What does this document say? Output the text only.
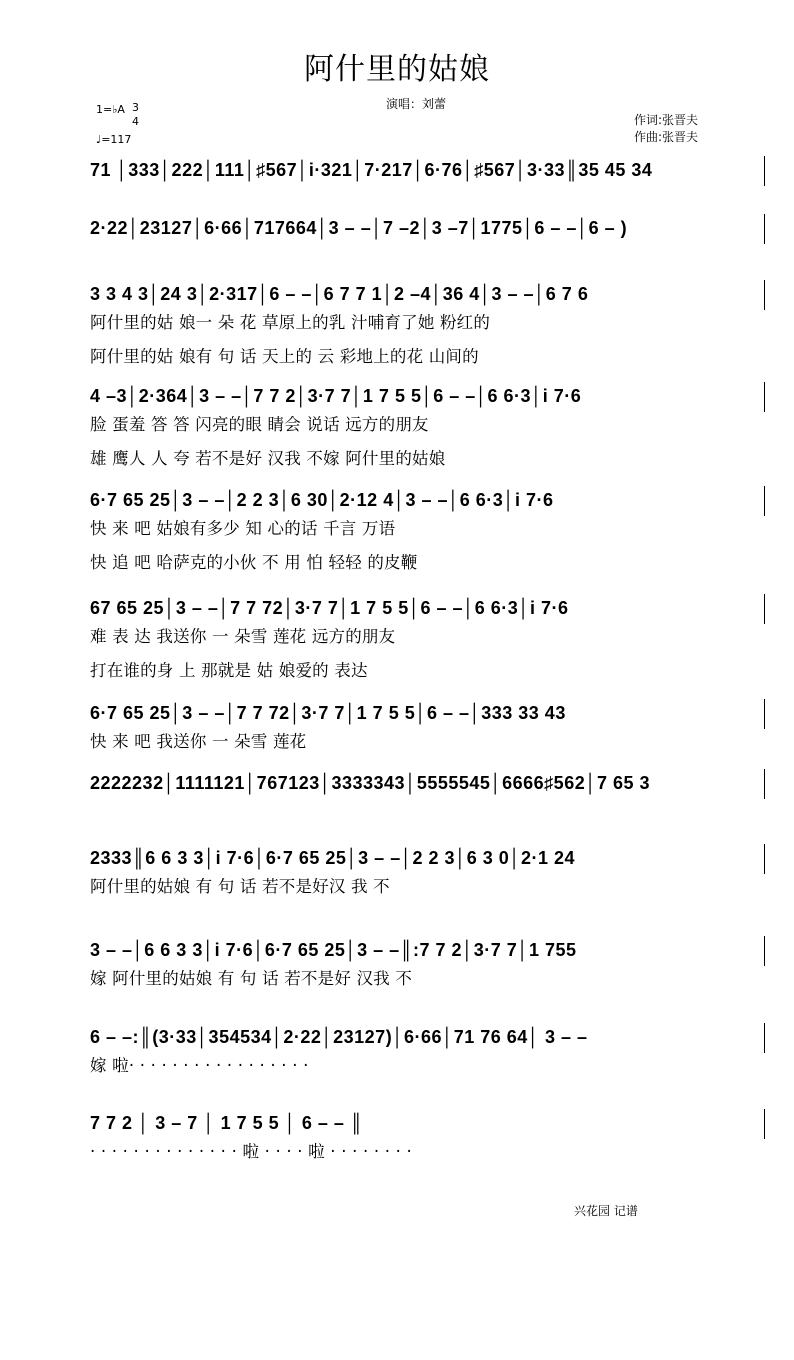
阿什里的姑娘
演唱：刘蕾
作词:张晋夫
作曲:张晋夫
1=♭A 3
4
♩=117
71 │333│222│111│♯567│i·321│7·217│6·76│♯567│3·33║35 45 34
2·22│23127│6·66│717664│3 – –│7 –2│3 –7│1775│6 – –│6 – )
3 3 4 3│24 3│2·317│6 – –│6 7 7 1│2 –4│36 4│3 – –│6 7 6
阿什里的姑 娘一 朵 花 草原上的乳 汁哺育了她 粉红的
阿什里的姑 娘有 句 话 天上的 云 彩地上的花 山间的
4 –3│2·364│3 – –│7 7 2│3·7 7│1 7 5 5│6 – –│6 6·3│i 7·6
脸 蛋羞 答 答 闪亮的眼 睛会 说话 远方的朋友
雄 鹰人 人 夸 若不是好 汉我 不嫁 阿什里的姑娘
6·7 65 25│3 – –│2 2 3│6 30│2·12 4│3 – –│6 6·3│i 7·6
快 来 吧 姑娘有多少 知 心的话 千言 万语
快 追 吧 哈萨克的小伙 不 用 怕 轻轻 的皮鞭
67 65 25│3 – –│7 7 72│3·7 7│1 7 5 5│6 – –│6 6·3│i 7·6
难 表 达 我送你 一 朵雪 莲花 远方的朋友
打在谁的身 上 那就是 姑 娘爱的 表达
6·7 65 25│3 – –│7 7 72│3·7 7│1 7 5 5│6 – –│333 33 43
快 来 吧 我送你 一 朵雪 莲花
2222232│1111121│767123│3333343│5555545│6666♯562│7 65 3
2333║6 6 3 3│i 7·6│6·7 65 25│3 – –│2 2 3│6 3 0│2·1 24
阿什里的姑娘 有 句 话 若不是好汉 我 不
3 – –│6 6 3 3│i 7·6│6·7 65 25│3 – –║:7 7 2│3·7 7│1 755
嫁 阿什里的姑娘 有 句 话 若不是好 汉我 不
6 – –:║(3·33│354534│2·22│23127)│6·66│71 76 64│ 3 – –
嫁 啦· · · · · · · · · · · · · · · · ·
7 7 2 │ 3 – 7 │ 1 7 5 5 │ 6 – – ║
· · · · · · · · · · · · · · 啦 · · · · 啦 · · · · · · · ·
兴花园 记谱
